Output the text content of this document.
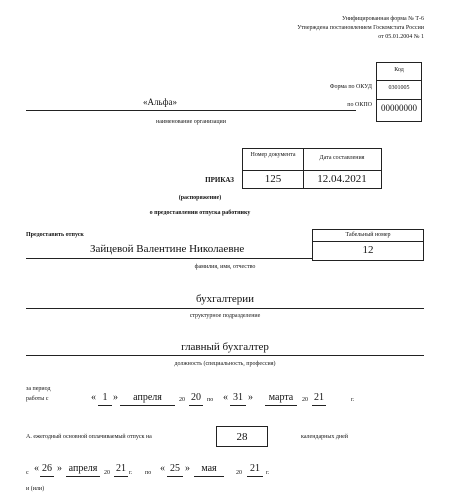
Унифицированная форма № Т-6
Утверждена постановлением Госкомстата России
от 05.01.2004 № 1
Код
0301005
00000000
Форма по ОКУД
по ОКПО
«Альфа»
наименование организации
Номер документа	Дата составления
125	12.04.2021
ПРИКАЗ
(распоряжение)
о предоставлении отпуска работнику
Предоставить отпуск	Табельный номер
12
Зайцевой Валентине Николаевне
фамилия, имя, отчество
бухгалтерии
структурное подразделение
главный бухгалтер
должность (специальность, профессия)
за период
работы с	« 1 »	апреля	20 20	по « 31 »	марта	20 21	г.
А. ежегодный основной оплачиваемый отпуск на	28	календарных дней
с « 26 » апреля	20 21 г. по « 25 »	мая	20 21	г.
и (или)
